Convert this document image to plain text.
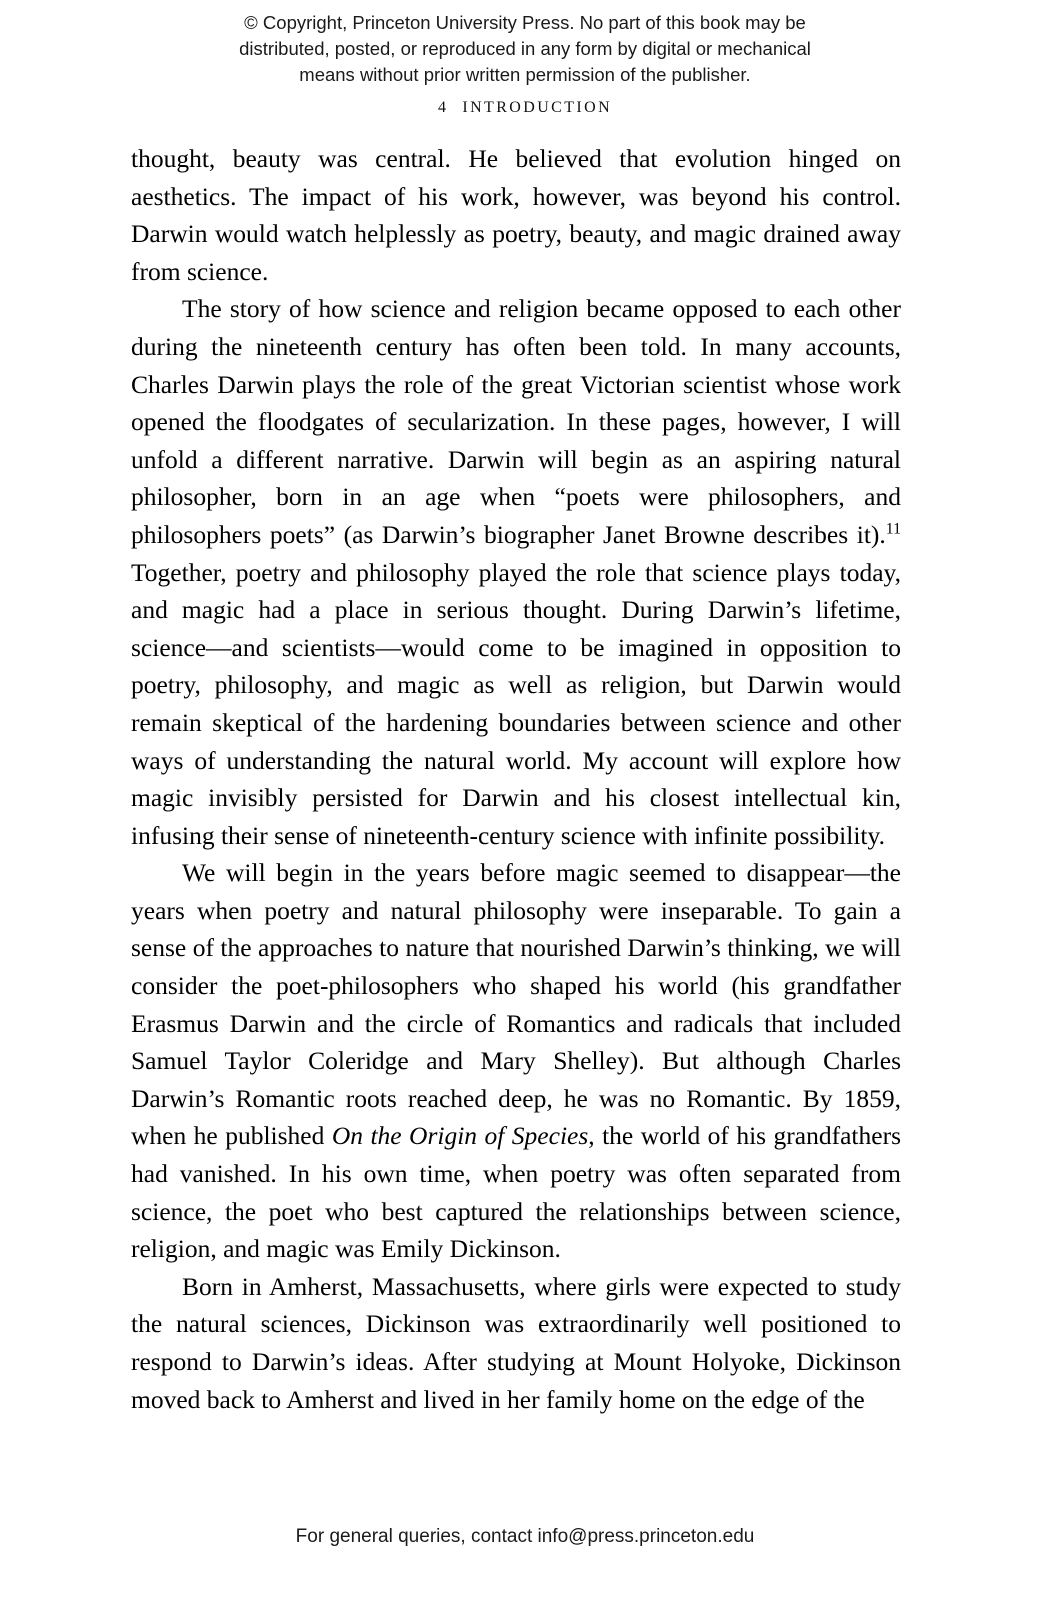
© Copyright, Princeton University Press. No part of this book may be
distributed, posted, or reproduced in any form by digital or mechanical
means without prior written permission of the publisher.
4 INTRODUCTION

thought, beauty was central. He believed that evolution hinged on aesthetics. The impact of his work, however, was beyond his control. Darwin would watch helplessly as poetry, beauty, and magic drained away from science.

The story of how science and religion became opposed to each other during the nineteenth century has often been told. In many accounts, Charles Darwin plays the role of the great Victorian scientist whose work opened the floodgates of secularization. In these pages, however, I will unfold a different narrative. Darwin will begin as an aspiring natural philosopher, born in an age when “poets were philosophers, and philosophers poets” (as Darwin’s biographer Janet Browne describes it).$^{11}$ Together, poetry and philosophy played the role that science plays today, and magic had a place in serious thought. During Darwin’s lifetime, science—and scientists—would come to be imagined in opposition to poetry, philosophy, and magic as well as religion, but Darwin would remain skeptical of the hardening boundaries between science and other ways of understanding the natural world. My account will explore how magic invisibly persisted for Darwin and his closest intellectual kin, infusing their sense of nineteenth-century science with infinite possibility.

We will begin in the years before magic seemed to disappear—the years when poetry and natural philosophy were inseparable. To gain a sense of the approaches to nature that nourished Darwin’s thinking, we will consider the poet-philosophers who shaped his world (his grandfather Erasmus Darwin and the circle of Romantics and radicals that included Samuel Taylor Coleridge and Mary Shelley). But although Charles Darwin’s Romantic roots reached deep, he was no Romantic. By 1859, when he published On the Origin of Species, the world of his grandfathers had vanished. In his own time, when poetry was often separated from science, the poet who best captured the relationships between science, religion, and magic was Emily Dickinson.

Born in Amherst, Massachusetts, where girls were expected to study the natural sciences, Dickinson was extraordinarily well positioned to respond to Darwin’s ideas. After studying at Mount Holyoke, Dickinson moved back to Amherst and lived in her family home on the edge of the

For general queries, contact info@press.princeton.edu
